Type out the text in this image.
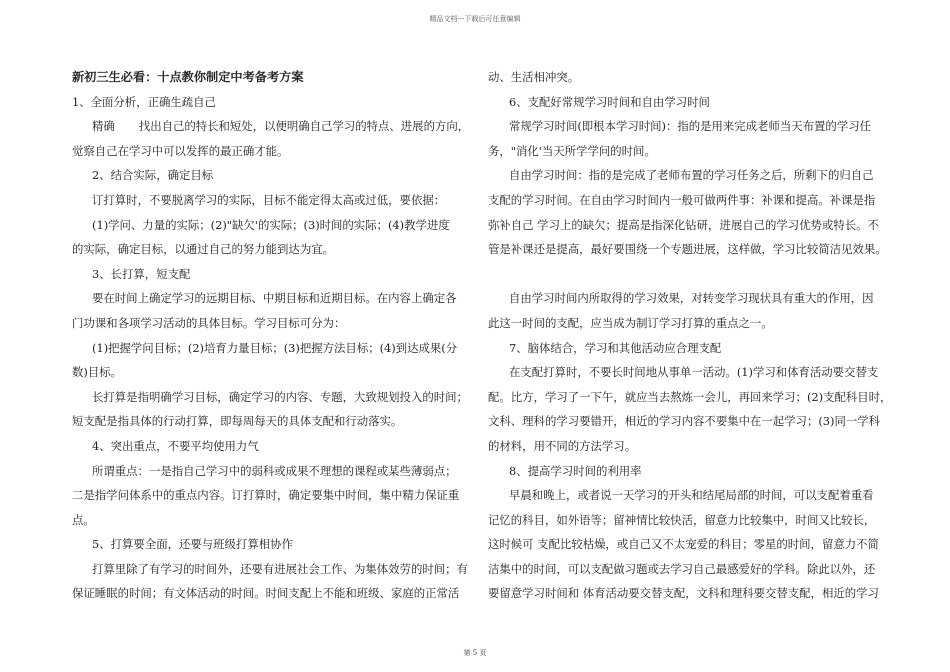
精品文档---下载后可任意编辑
新初三生必看：十点教你制定中考备考方案
1、全面分析，正确生疏自己
精确 找出自己的特长和短处，以便明确自己学习的特点、进展的方向，
觉察自己在学习中可以发挥的最正确才能。
2、结合实际，确定目标
订打算时，不要脱离学习的实际，目标不能定得太高或过低，要依据：
(1)学问、力量的实际；(2)"缺欠'的实际；(3)时间的实际；(4)教学进度
的实际，确定目标，以通过自己的努力能到达为宜。
3、长打算，短支配
要在时间上确定学习的远期目标、中期目标和近期目标。在内容上确定各
门功课和各项学习活动的具体目标。学习目标可分为：
(1)把握学问目标；(2)培育力量目标；(3)把握方法目标；(4)到达成果(分
数)目标。
长打算是指明确学习目标，确定学习的内容、专题，大致规划投入的时间；
短支配是指具体的行动打算，即每周每天的具体支配和行动落实。
4、突出重点，不要平均使用力气
所谓重点：一是指自己学习中的弱科或成果不理想的课程或某些薄弱点；
二是指学问体系中的重点内容。订打算时，确定要集中时间，集中精力保证重
点。
5、打算要全面，还要与班级打算相协作
打算里除了有学习的时间外，还要有进展社会工作、为集体效劳的时间；有
保证睡眠的时间；有文体活动的时间。时间支配上不能和班级、家庭的正常活
动、生活相冲突。
6、支配好常规学习时间和自由学习时间
常规学习时间(即根本学习时间)：指的是用来完成老师当天布置的学习任
务，"消化'当天所学学问的时间。
自由学习时间：指的是完成了老师布置的学习任务之后，所剩下的归自己
支配的学习时间。在自由学习时间内一般可做两件事：补课和提高。补课是指
弥补自己 学习上的缺欠；提高是指深化钻研，进展自己的学习优势或特长。不
管是补课还是提高，最好要围绕一个专题进展，这样做，学习比较简洁见效果。
自由学习时间内所取得的学习效果，对转变学习现状具有重大的作用，因
此这一时间的支配，应当成为制订学习打算的重点之一。
7、脑体结合，学习和其他活动应合理支配
在支配打算时，不要长时间地从事单一活动。(1)学习和体育活动要交替支
配。比方，学习了一下午，就应当去熬炼一会儿，再回来学习；(2)支配科目时，
文科、理科的学习要错开，相近的学习内容不要集中在一起学习；(3)同一学科
的材料，用不同的方法学习。
8、提高学习时间的利用率
早晨和晚上，或者说一天学习的开头和结尾局部的时间，可以支配着重看
记忆的科目，如外语等；留神情比较快活，留意力比较集中，时间又比较长，
这时候可 支配比较枯燥，或自己又不太宠爱的科目；零星的时间，留意力不简
洁集中的时间，可以支配做习题或去学习自己最感爱好的学科。除此以外，还
要留意学习时间和 体育活动要交替支配，文科和理科要交替支配，相近的学习
第 5 页
